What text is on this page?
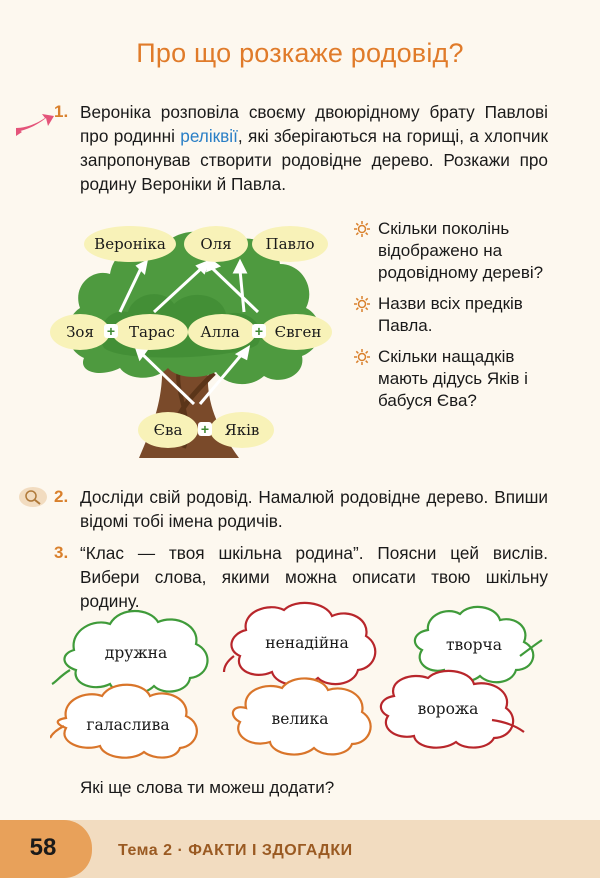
Про що розкаже родовід?
1. Вероніка розповіла своєму двоюрідному брату Павлові про родинні реліквії, які зберігаються на горищі, а хлопчик запропонував створити родовідне дерево. Розкажи про родину Вероніки й Павла.
Вероніка Оля Павло
Зоя Тарас Алла Євген
+	+
Єва	Яків
+
Скільки поколінь відображено на родовідному дереві?
Назви всіх предків Павла.
Скільки нащадків мають дідусь Яків і бабуся Єва?
2. Досліди свій родовід. Намалюй родовідне дерево. Впиши відомі тобі імена родичів.
3. “Клас — твоя шкільна родина”. Поясни цей вислів. Вибери слова, якими можна описати твою шкільну родину.
дружна
ненадійна	творча
галаслива	велика
ворожа
Які ще слова ти можеш додати?
58	Тема 2 · ФАКТИ І ЗДОГАДКИ
